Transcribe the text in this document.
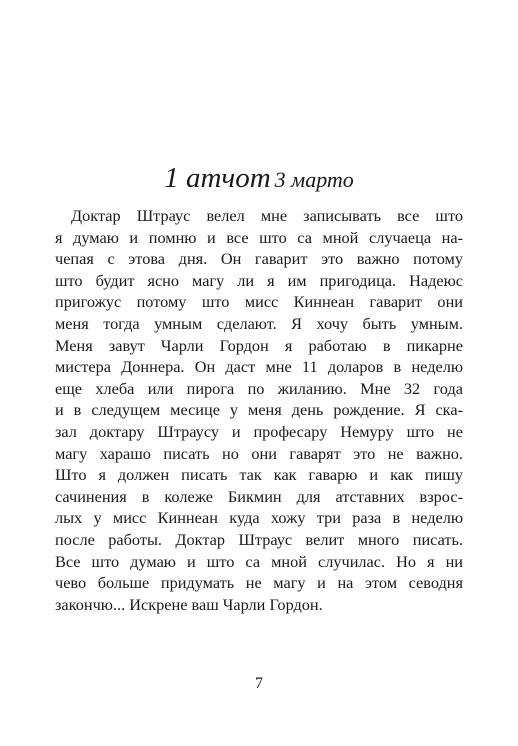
1 атчот 3 марто
Доктар Штраус велел мне записывать все што
я думаю и помню и все што са мной случаеца на-
чепая с этова дня. Он гаварит это важно потому
што будит ясно магу ли я им пригодица. Надеюс
пригожус потому што мисс Киннеан гаварит они
меня тогда умным сделают. Я хочу быть умным.
Меня завут Чарли Гордон я работаю в пикарне
мистера Доннера. Он даст мне 11 доларов в неделю
еще хлеба или пирога по жиланию. Мне 32 года
и в следущем месице у меня день рождение. Я ска-
зал доктару Штраусу и професару Немуру што не
магу харашо писать но они гаварят это не важно.
Што я должен писать так как гаварю и как пишу
сачинения в колеже Бикмин для атставних взрос-
лых у мисс Киннеан куда хожу три раза в неделю
после работы. Доктар Штраус велит много писать.
Все што думаю и што са мной случилас. Но я ни
чево больше придумать не магу и на этом севодня
закончю... Искрене ваш Чарли Гордон.
7
